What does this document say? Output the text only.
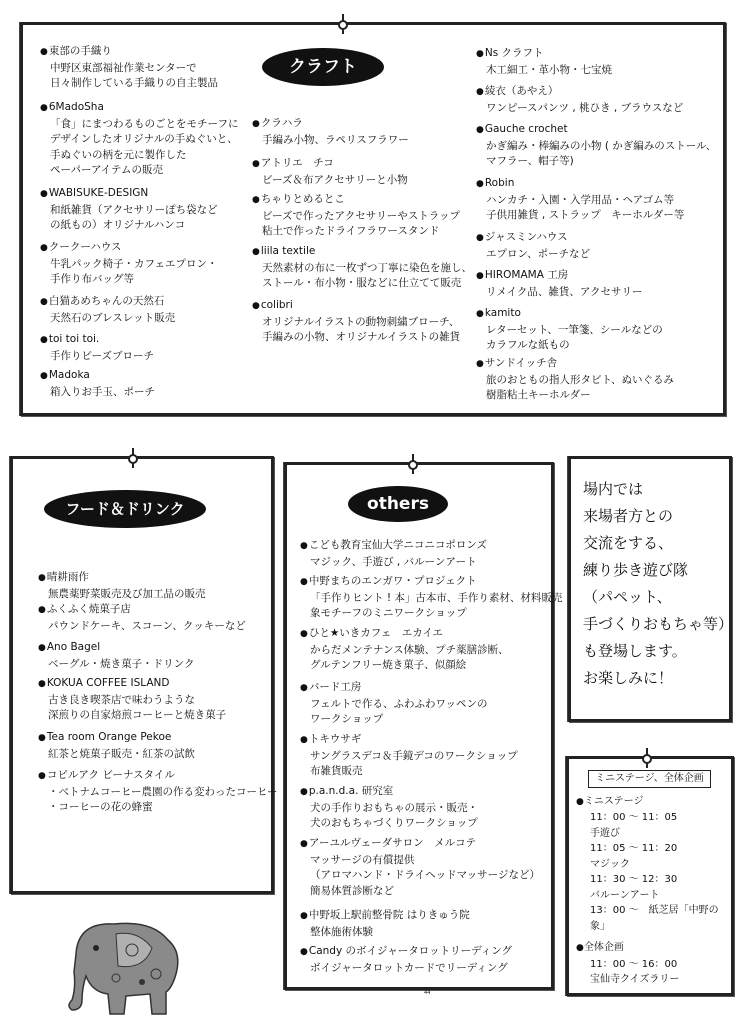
クラフト
● 東部の手織り
中野区東部福祉作業センターで
日々制作している手織りの自主製品
● 6MadoSha
「食」にまつわるものごとをモチーフに
デザインしたオリジナルの手ぬぐいと、
手ぬぐいの柄を元に製作した
ペーパーアイテムの販売
● WABISUKE-DESIGN
和紙雑貨（アクセサリーぽち袋など
の紙もの）オリジナルハンコ
● クークーハウス
牛乳パック椅子・カフェエプロン・
手作り布バッグ等
● 白猫あめちゃんの天然石
天然石のブレスレット販売
● toi toi toi.
手作りビーズブローチ
● Madoka
箱入りお手玉、ポーチ
● クラハラ
手編み小物、ラペリスフラワー
● アトリエ　チコ
ビーズ＆布アクセサリーと小物
● ちゃりとめるとこ
ビーズで作ったアクセサリーやストラップ
粘土で作ったドライフラワースタンド
● liila textile
天然素材の布に一枚ずつ丁寧に染色を施し、
ストール・布小物・服などに仕立てて販売
● colibri
オリジナルイラストの動物刺繍ブローチ、
手編みの小物、オリジナルイラストの雑貨
● Ns クラフト
木工細工・革小物・七宝焼
● 綾衣（あやえ）
ワンピースパンツ , 桃ひき , ブラウスなど
● Gauche crochet
かぎ編み・棒編みの小物 ( かぎ編みのストール、
マフラー、帽子等)
● Robin
ハンカチ・入園・入学用品・ヘアゴム等
子供用雑貨 , ストラップ　キーホルダー等
● ジャスミンハウス
エプロン、ポーチなど
● HIROMAMA 工房
リメイク品、雑貨、アクセサリー
● kamito
レターセット、一筆箋、シールなどの
カラフルな紙もの
● サンドイッチ舎
旅のおともの指人形タビト、ぬいぐるみ
樹脂粘土キーホルダー
フード＆ドリンク
● 晴耕雨作
無農薬野菜販売及び加工品の販売
● ふくふく焼菓子店
パウンドケーキ、スコーン、クッキーなど
● Ano Bagel
ベーグル・焼き菓子・ドリンク
● KOKUA COFFEE ISLAND
古き良き喫茶店で味わうような
深煎りの自家焙煎コーヒーと焼き菓子
● Tea room Orange Pekoe
紅茶と焼菓子販売・紅茶の試飲
● コピルアク ビーナスタイル
・ベトナムコーヒー農園の作る変わったコーヒー
・コーヒーの花の蜂蜜
others
● こども教育宝仙大学ニコニコポロンズ
マジック、手遊び , バルーンアート
● 中野まちのエンガワ・プロジェクト
「手作りヒント ! 本」古本市、手作り素材、材料販売
象モチーフのミニワークショップ
● ひと★いきカフェ　エカイエ
からだメンテナンス体験、プチ薬膳診断、
グルテンフリー焼き菓子、似顔絵
● バード工房
フェルトで作る、ふわふわワッペンの
ワークショップ
● トキウサギ
サングラスデコ＆手鏡デコのワークショップ
布雑貨販売
● p.a.n.d.a. 研究室
犬の手作りおもちゃの展示・販売・
犬のおもちゃづくりワークショップ
● アーユルヴェーダサロン　メルコテ
マッサージの有償提供
（アロマハンド・ドライヘッドマッサージなど）
簡易体質診断など
● 中野坂上駅前整骨院 はりきゅう院
整体施術体験
● Candy のボイジャータロットリーディング
ボイジャータロットカードでリーディング
場内では
来場者方との
交流をする、
練り歩き遊び隊
（パペット、
手づくりおもちゃ等）
も登場します。
お楽しみに！
ミニステージ、全体企画
● ミニステージ
11：00 ～ 11：05
手遊び
11：05 ～ 11：20
マジック
11：30 ～ 12：30
バルーンアート
13：00 ～　紙芝居「中野の象」
● 全体企画
11：00 ～ 16：00
宝仙寺クイズラリー
44
